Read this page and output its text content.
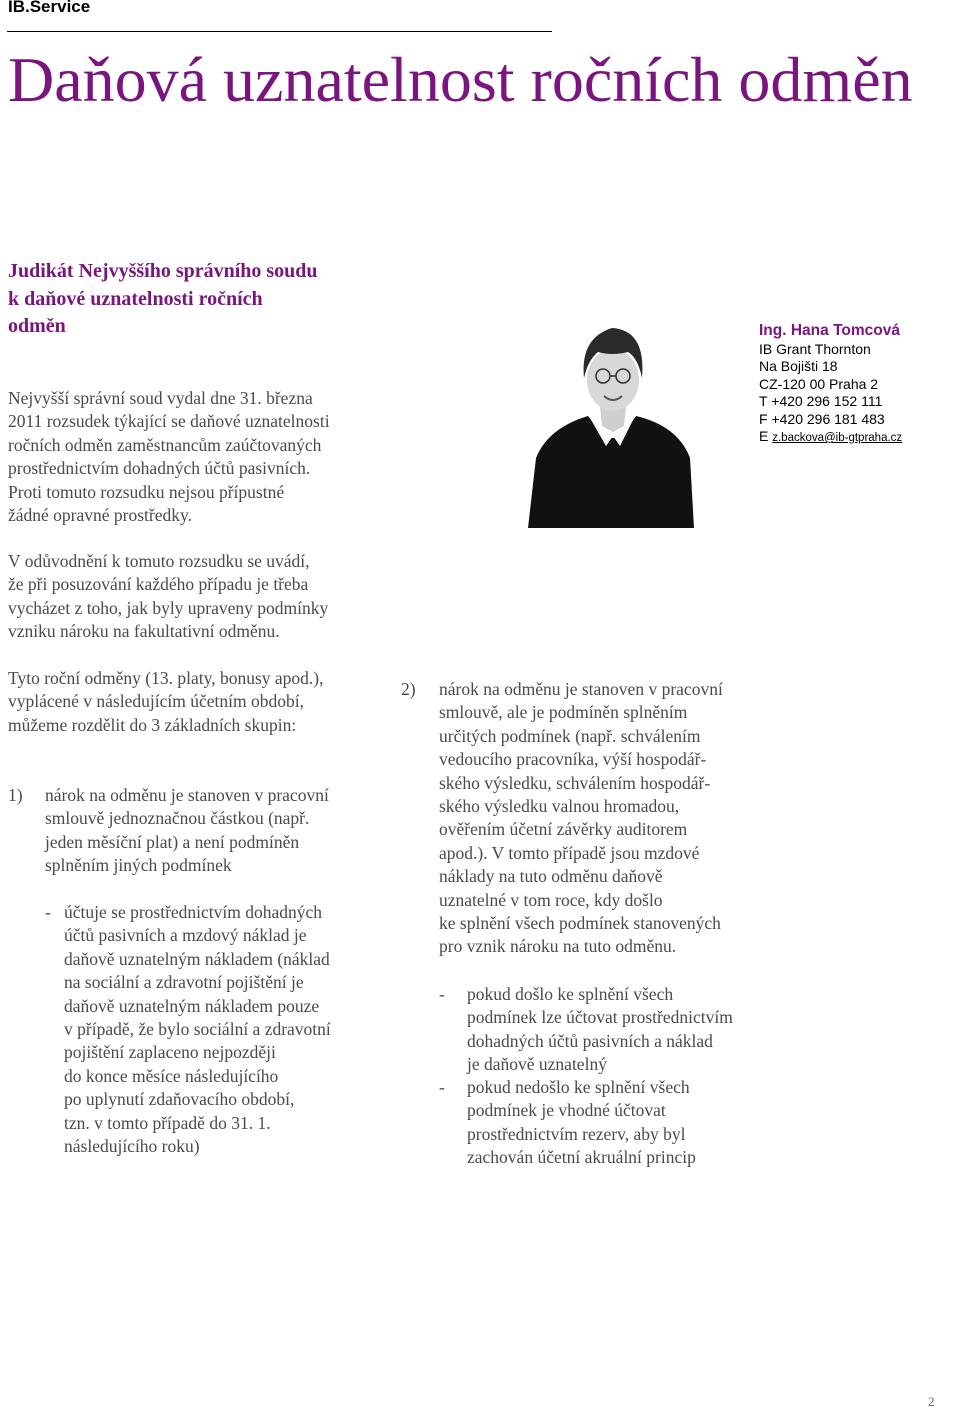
IB.Service
Daňová uznatelnost ročních odměn
Judikát Nejvyššího správního soudu
k daňové uznatelnosti ročních
odměn
Nejvyšší správní soud vydal dne 31. března
2011 rozsudek týkající se daňové uznatelnosti
ročních odměn zaměstnancům zaúčtovaných
prostřednictvím dohadných účtů pasivních.
Proti tomuto rozsudku nejsou přípustné
žádné opravné prostředky.
V odůvodnění k tomuto rozsudku se uvádí,
že při posuzování každého případu je třeba
vycházet z toho, jak byly upraveny podmínky
vzniku nároku na fakultativní odměnu.
Tyto roční odměny (13. platy, bonusy apod.),
vyplácené v následujícím účetním období,
můžeme rozdělit do 3 základních skupin:
1) nárok na odměnu je stanoven v pracovní
smlouvě jednoznačnou částkou (např.
jeden měsíční plat) a není podmíněn
splněním jiných podmínek
- účtuje se prostřednictvím dohadných
účtů pasivních a mzdový náklad je
daňově uznatelným nákladem (náklad
na sociální a zdravotní pojištění je
daňově uznatelným nákladem pouze
v případě, že bylo sociální a zdravotní
pojištění zaplaceno nejpozději
do konce měsíce následujícího
po uplynutí zdaňovacího období,
tzn. v tomto případě do 31. 1.
následujícího roku)
Ing. Hana Tomcová
IB Grant Thornton
Na Bojišti 18
CZ-120 00 Praha 2
T +420 296 152 111
F +420 296 181 483
E z.backova@ib-gtpraha.cz
2) nárok na odměnu je stanoven v pracovní
smlouvě, ale je podmíněn splněním
určitých podmínek (např. schválením
vedoucího pracovníka, výší hospodář-
ského výsledku, schválením hospodář-
ského výsledku valnou hromadou,
ověřením účetní závěrky auditorem
apod.). V tomto případě jsou mzdové
náklady na tuto odměnu daňově
uznatelné v tom roce, kdy došlo
ke splnění všech podmínek stanovených
pro vznik nároku na tuto odměnu.
- pokud došlo ke splnění všech
podmínek lze účtovat prostřednictvím
dohadných účtů pasivních a náklad
je daňově uznatelný
- pokud nedošlo ke splnění všech
podmínek je vhodné účtovat
prostřednictvím rezerv, aby byl
zachován účetní akruální princip
2
